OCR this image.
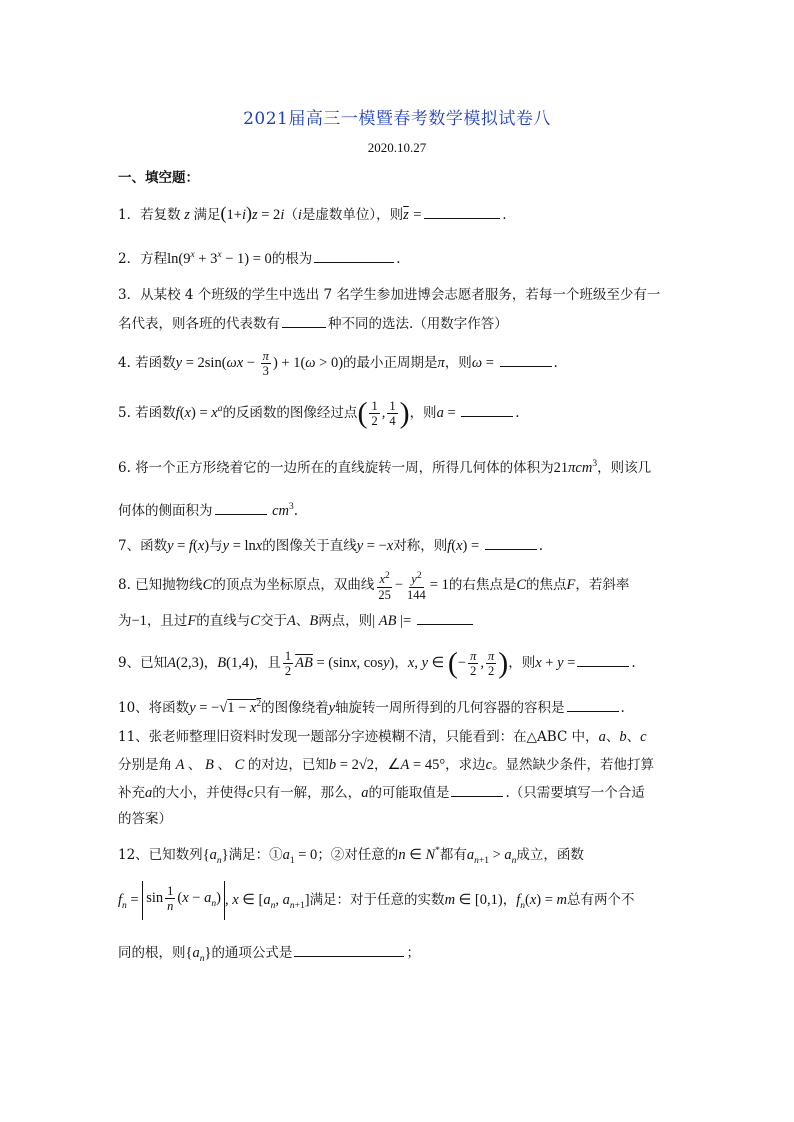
2021届高三一模暨春考数学模拟试卷八
2020.10.27
一、填空题：
1．若复数 z 满足(1+i)z = 2i（i是虚数单位），则$\overline{z}$ =	.
2．方程$\ln(9^x + 3^x - 1) = 0$的根为	.
3．从某校 4 个班级的学生中选出 7 名学生参加进博会志愿者服务，若每一个班级至少有一
名代表，则各班的代表数有	种不同的选法.（用数字作答）
4. 若函数$y = 2\sin(\omega x - \frac{\pi}{3}$ ) + 1(ω > 0)的最小正周期是π，则ω =	.
5. 若函数$f(x) = x^a$的反函数的图像经过点( $\frac{1}{2}$ , $\frac{1}{4}$ )，则a =	.
6. 将一个正方形绕着它的一边所在的直线旋转一周，所得几何体的体积为21πcm$^3$，则该几
何体的侧面积为	$cm^3$.
7、函数y = f(x)与y = lnx的图像关于直线y = −x对称，则f(x) =	.
8. 已知抛物线C的顶点为坐标原点，双曲线 $\frac{x^2}{25} - \frac{y^2}{144} = 1$的右焦点是C的焦点F，若斜率
为−1，且过F的直线与C交于A、B两点，则| AB |=
9、已知A(2,3)，B(1,4)，且 $\frac{1}{2} \overline{AB} = (\sin x$, cosy)，x, y ∈ (− $\frac{\pi}{2}$ , $\frac{\pi}{2}$ )，则x + y =	.
10、将函数$y = -√1 - x^2$的图像绕着y轴旋转一周所得到的几何容器的容积是	.
11、张老师整理旧资料时发现一题部分字迹模糊不清，只能看到：在△ABC 中，a、b、c
分别是角 A 、 B 、 C 的对边，已知b = 2√2，∠A = 45°，求边c。显然缺少条件，若他打算
补充a的大小，并使得c只有一解，那么，a的可能取值是	.（只需要填写一个合适
的答案）
12、已知数列$\{a_n\}$满足：$①a_1 = 0$；②对任意的n ∈ N*都有$a_{n+1} > a_n$成立，函数
$f_n = \sin \frac{1}{n} (x - a_n)$ , x ∈ [$a_n$, $a_{n+1}$]满足：对于任意的实数m ∈ [0,1)，$f_n(x) = m$总有两个不
同的根，则$\{a_n\}$的通项公式是	；
